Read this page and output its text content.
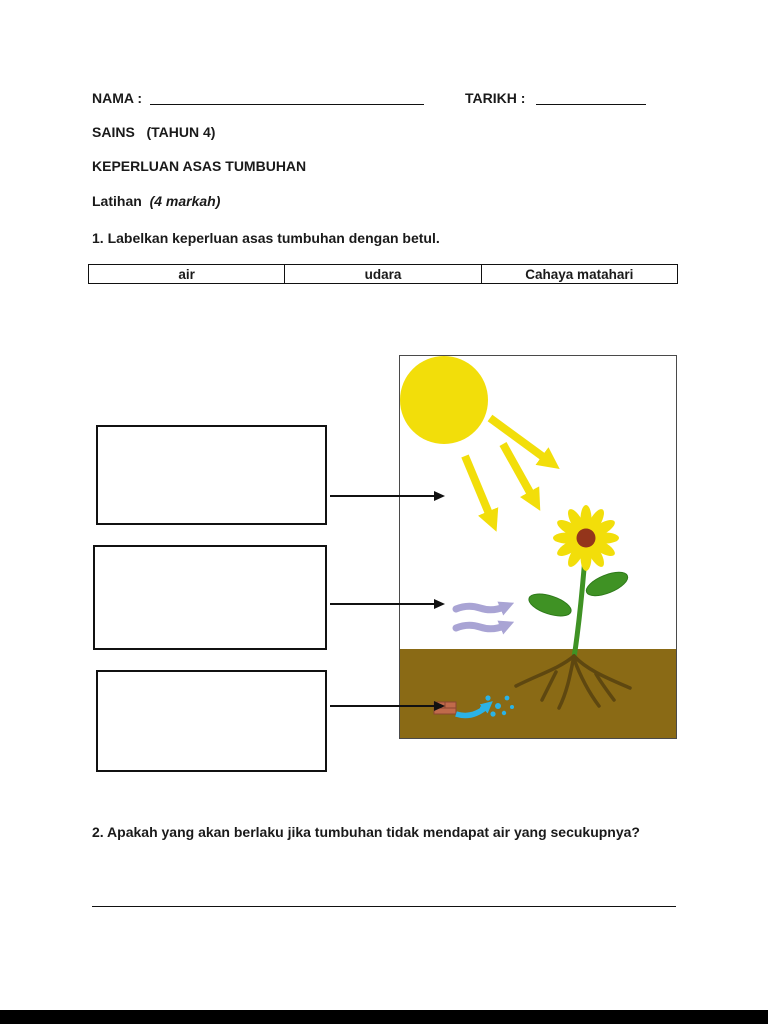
NAMA :	TARIKH :
SAINS   (TAHUN 4)
KEPERLUAN ASAS TUMBUHAN
Latihan (4 markah)
1. Labelkan keperluan asas tumbuhan dengan betul.
air	udara	Cahaya matahari
2. Apakah yang akan berlaku jika tumbuhan tidak mendapat air yang secukupnya?
